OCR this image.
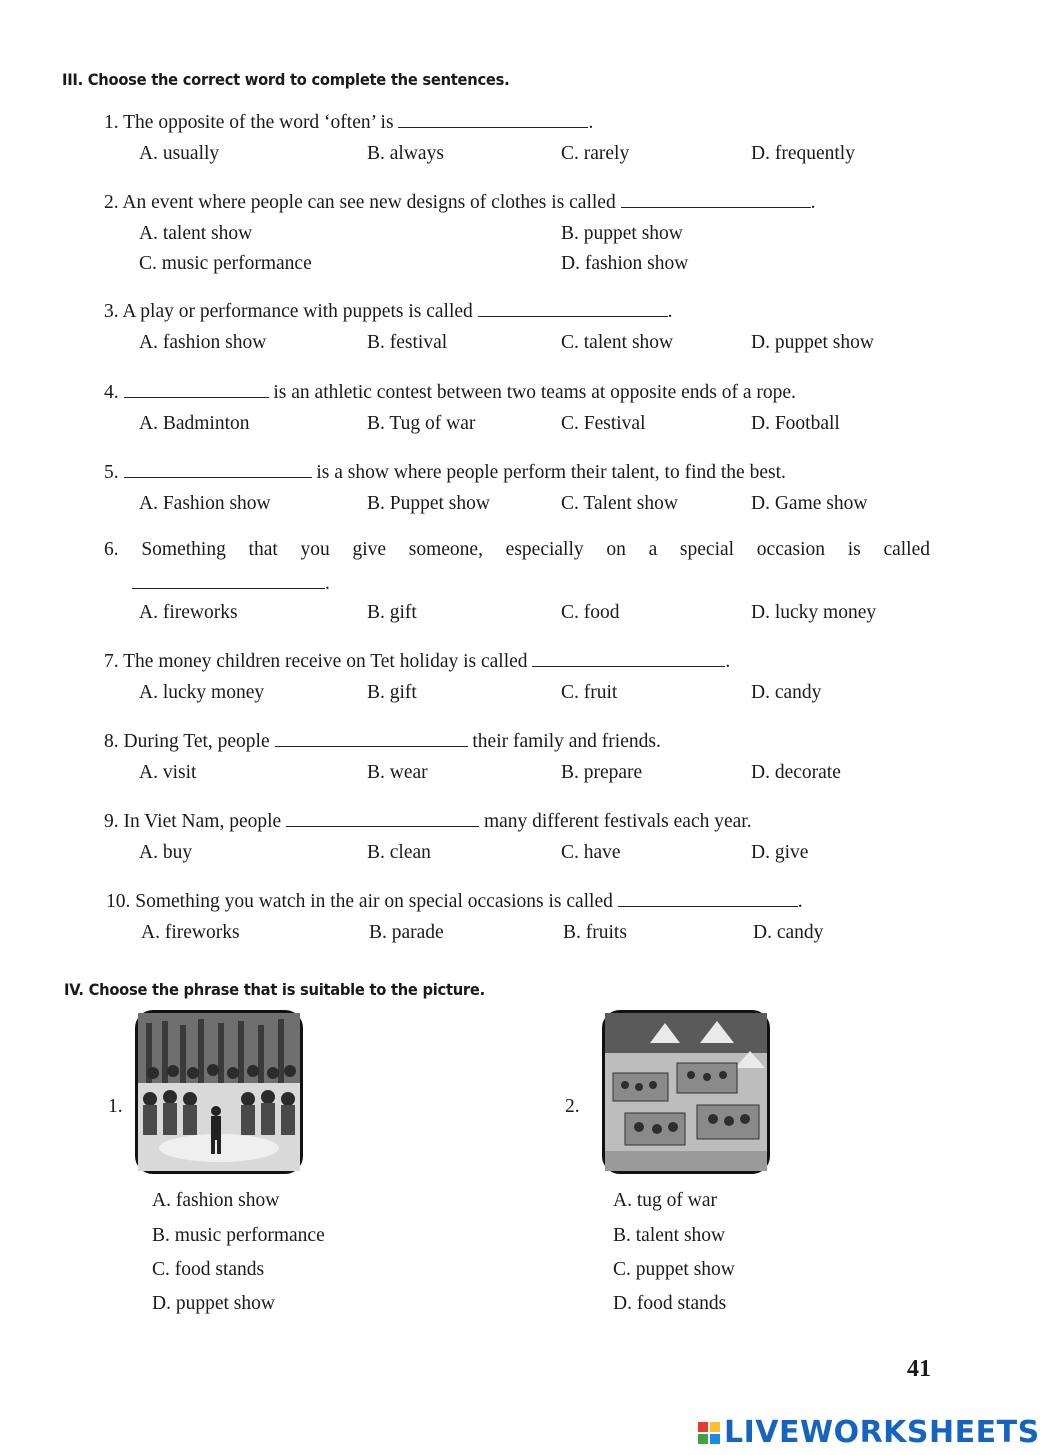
III. Choose the correct word to complete the sentences.
1. The opposite of the word ‘often’ is	.
A. usually	B. always	C. rarely	D. frequently
2. An event where people can see new designs of clothes is called	.
A. talent show	B. puppet show
C. music performance	D. fashion show
3. A play or performance with puppets is called	.
A. fashion show	B. festival	C. talent show	D. puppet show
4.	is an athletic contest between two teams at opposite ends of a rope.
A. Badminton	B. Tug of war	C. Festival	D. Football
5.	is a show where people perform their talent, to find the best.
A. Fashion show	B. Puppet show	C. Talent show	D. Game show
6. Something that you give someone, especially on a special occasion is called
.
A. fireworks	B. gift	C. food	D. lucky money
7. The money children receive on Tet holiday is called	.
A. lucky money	B. gift	C. fruit	D. candy
8. During Tet, people	their family and friends.
A. visit	B. wear	B. prepare	D. decorate
9. In Viet Nam, people	many different festivals each year.
A. buy	B. clean	C. have	D. give
10. Something you watch in the air on special occasions is called	.
A. fireworks	B. parade	B. fruits	D. candy
IV. Choose the phrase that is suitable to the picture.
1.
A. fashion show
B. music performance
C. food stands
D. puppet show
2.
A. tug of war
B. talent show
C. puppet show
D. food stands
41
LIVEWORKSHEETS
